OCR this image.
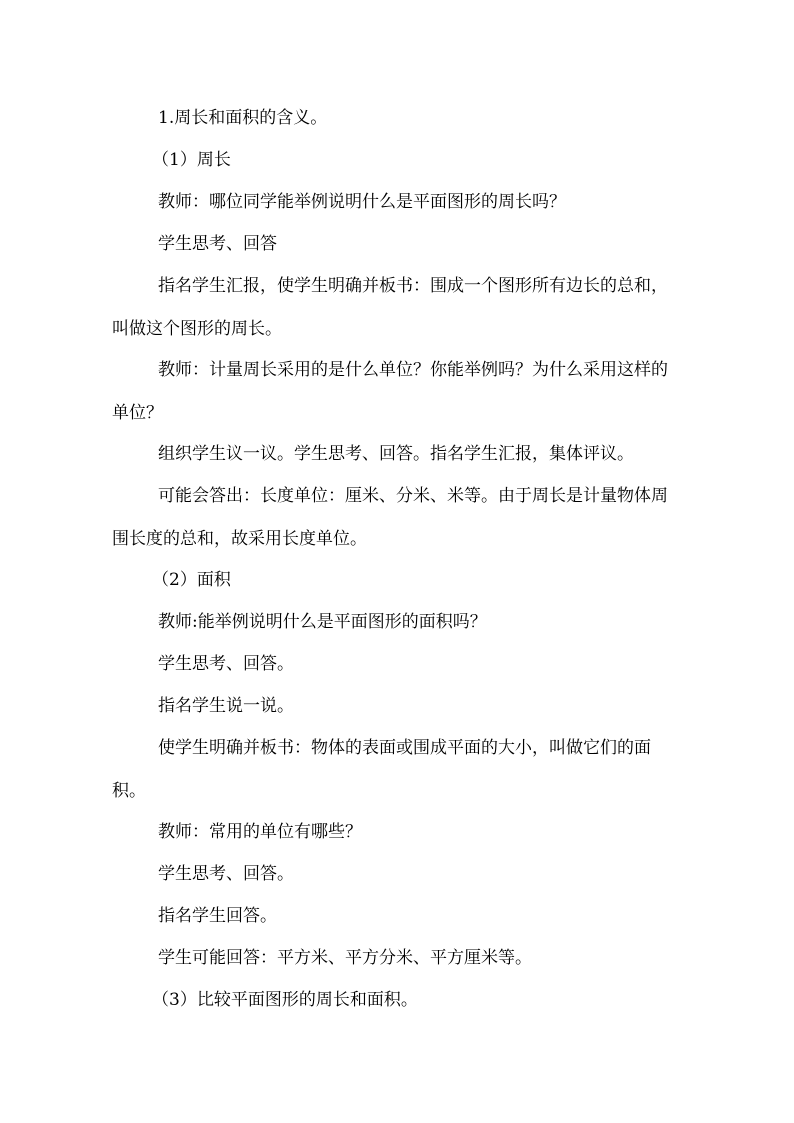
1.周长和面积的含义。
（1）周长
教师：哪位同学能举例说明什么是平面图形的周长吗？
学生思考、回答
指名学生汇报，使学生明确并板书：围成一个图形所有边长的总和，叫做这个图形的周长。
教师：计量周长采用的是什么单位？你能举例吗？为什么采用这样的单位？
组织学生议一议。学生思考、回答。指名学生汇报，集体评议。
可能会答出：长度单位：厘米、分米、米等。由于周长是计量物体周围长度的总和，故采用长度单位。
（2）面积
教师:能举例说明什么是平面图形的面积吗？
学生思考、回答。
指名学生说一说。
使学生明确并板书：物体的表面或围成平面的大小，叫做它们的面积。
教师：常用的单位有哪些？
学生思考、回答。
指名学生回答。
学生可能回答：平方米、平方分米、平方厘米等。
（3）比较平面图形的周长和面积。
